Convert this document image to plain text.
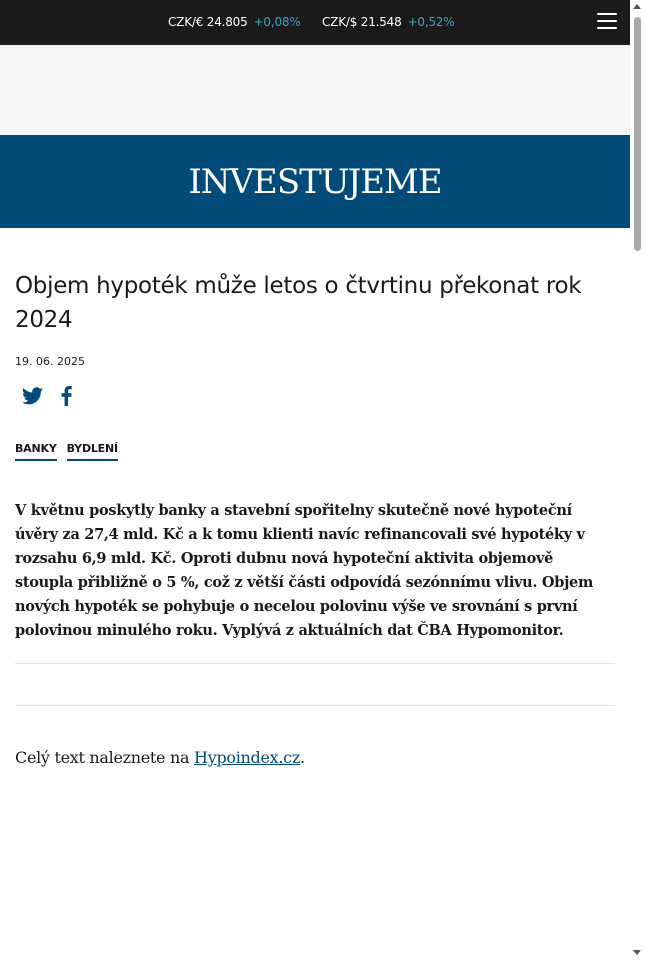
CZK/€ 24.805 +0,08% CZK/$ 21.548 +0,52%
INVESTUJEME
Objem hypoték může letos o čtvrtinu překonat rok 2024
19. 06. 2025
BANKY BYDLENÍ

V květnu poskytly banky a stavební spořitelny skutečně nové hypoteční úvěry za 27,4 mld. Kč a k tomu klienti navíc refinancovali své hypotéky v rozsahu 6,9 mld. Kč. Oproti dubnu nová hypoteční aktivita objemově stoupla přibližně o 5 %, což z větší části odpovídá sezónnímu vlivu. Objem nových hypoték se pohybuje o necelou polovinu výše ve srovnání s první polovinou minulého roku. Vyplývá z aktuálních dat ČBA Hypomonitor.

Celý text naleznete na Hypoindex.cz.
